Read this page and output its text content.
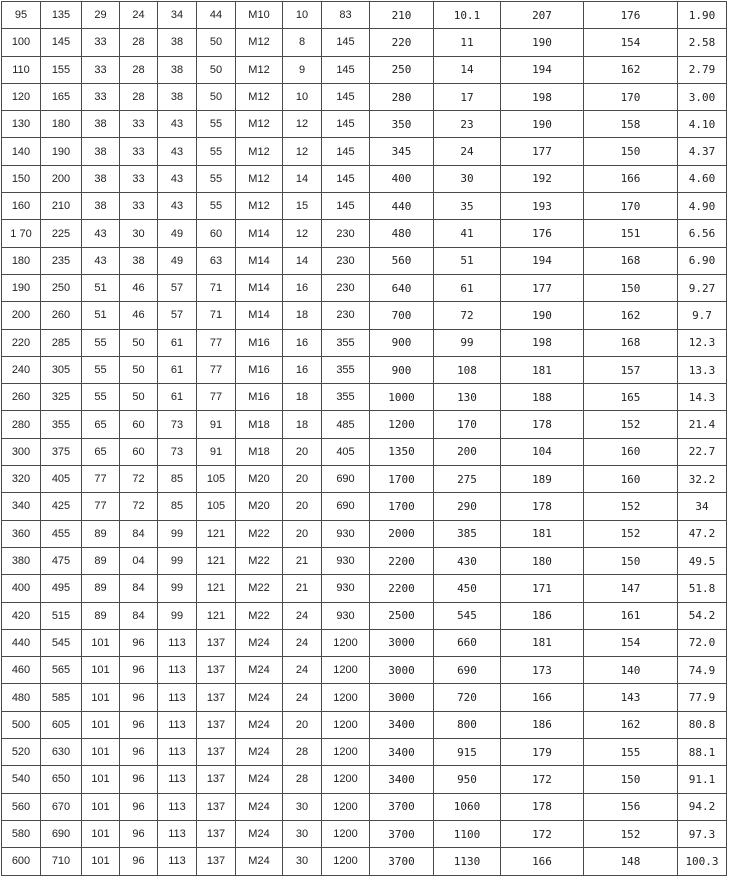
95	135	29	24	34	44	M10	10	83	210	10.1	207	176	1.90
100	145	33	28	38	50	M12	8	145	220	11	190	154	2.58
110	155	33	28	38	50	M12	9	145	250	14	194	162	2.79
120	165	33	28	38	50	M12	10	145	280	17	198	170	3.00
130	180	38	33	43	55	M12	12	145	350	23	190	158	4.10
140	190	38	33	43	55	M12	12	145	345	24	177	150	4.37
150	200	38	33	43	55	M12	14	145	400	30	192	166	4.60
160	210	38	33	43	55	M12	15	145	440	35	193	170	4.90
1 70	225	43	30	49	60	M14	12	230	480	41	176	151	6.56
180	235	43	38	49	63	M14	14	230	560	51	194	168	6.90
190	250	51	46	57	71	M14	16	230	640	61	177	150	9.27
200	260	51	46	57	71	M14	18	230	700	72	190	162	9.7
220	285	55	50	61	77	M16	16	355	900	99	198	168	12.3
240	305	55	50	61	77	M16	16	355	900	108	181	157	13.3
260	325	55	50	61	77	M16	18	355	1000	130	188	165	14.3
280	355	65	60	73	91	M18	18	485	1200	170	178	152	21.4
300	375	65	60	73	91	M18	20	405	1350	200	104	160	22.7
320	405	77	72	85	105	M20	20	690	1700	275	189	160	32.2
340	425	77	72	85	105	M20	20	690	1700	290	178	152	34
360	455	89	84	99	121	M22	20	930	2000	385	181	152	47.2
380	475	89	04	99	121	M22	21	930	2200	430	180	150	49.5
400	495	89	84	99	121	M22	21	930	2200	450	171	147	51.8
420	515	89	84	99	121	M22	24	930	2500	545	186	161	54.2
440	545	101	96	113	137	M24	24	1200	3000	660	181	154	72.0
460	565	101	96	113	137	M24	24	1200	3000	690	173	140	74.9
480	585	101	96	113	137	M24	24	1200	3000	720	166	143	77.9
500	605	101	96	113	137	M24	20	1200	3400	800	186	162	80.8
520	630	101	96	113	137	M24	28	1200	3400	915	179	155	88.1
540	650	101	96	113	137	M24	28	1200	3400	950	172	150	91.1
560	670	101	96	113	137	M24	30	1200	3700	1060	178	156	94.2
580	690	101	96	113	137	M24	30	1200	3700	1100	172	152	97.3
600	710	101	96	113	137	M24	30	1200	3700	1130	166	148	100.3
